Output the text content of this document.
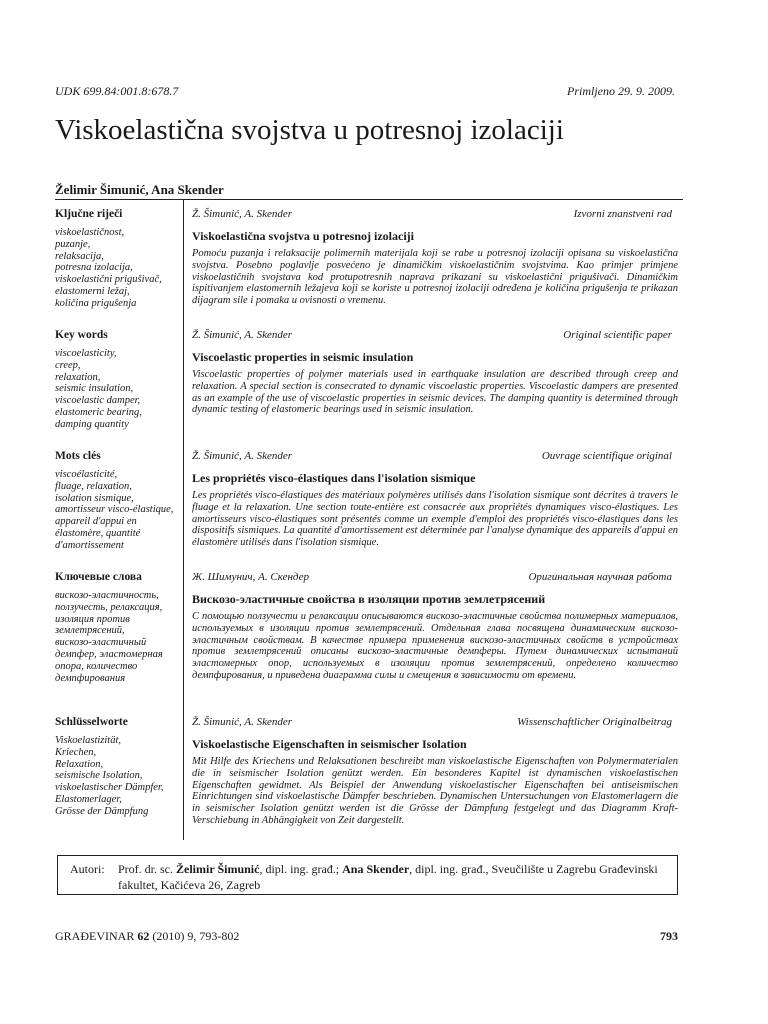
UDK 699.84:001.8:678.7	Primljeno 29. 9. 2009.
Viskoelastična svojstva u potresnoj izolaciji
Želimir Šimunić, Ana Skender
Ključne riječi
viskoelastičnost,
puzanje,
relaksacija,
potresna izolacija,
viskoelastični prigušivač,
elastomerni ležaj,
količina prigušenja
Key words
viscoelasticity,
creep,
relaxation,
seismic insulation,
viscoelastic damper,
elastomeric bearing,
damping quantity
Mots clés
viscoélasticité,
fluage, relaxation,
isolation sismique,
amortisseur visco-élastique,
appareil d'appui en
élastomère, quantité
d'amortissement
Ключевые слова
вискозо-эластичность,
ползучесть, релаксация,
изоляция против
землетрясений,
вискозо-эластичный
демпфер, эластомерная
опора, количество
демпфирования
Schlüsselworte
Viskoelastizität,
Kriechen,
Relaxation,
seismische Isolation,
viskoelastischer Dämpfer,
Elastomerlager,
Grösse der Dämpfung
Ž. Šimunić, A. Skender	Izvorni znanstveni rad
Viskoelastična svojstva u potresnoj izolaciji

Pomoću puzanja i relaksacije polimernih materijala koji se rabe u potresnoj izolaciji opisana su viskoelastična svojstva. Posebno poglavlje posvećeno je dinamičkim viskoelastičnim svojstvima. Kao primjer primjene viskoelastičnih svojstava kod protupotresnih naprava prikazani su viskoelastični prigušivači. Dinamičkim ispitivanjem elastomernih ležajeva koji se koriste u potresnoj izolaciji određena je količina prigušenja te prikazan dijagram sile i pomaka u ovisnosti o vremenu.

Ž. Šimunić, A. Skender	Original scientific paper
Viscoelastic properties in seismic insulation

Viscoelastic properties of polymer materials used in earthquake insulation are described through creep and relaxation. A special section is consecrated to dynamic viscoelastic properties. Viscoelastic dampers are presented as an example of the use of viscoelastic properties in seismic devices. The damping quantity is determined through dynamic testing of elastomeric bearings used in seismic insulation.

Ž. Šimunić, A. Skender	Ouvrage scientifique original
Les propriétés visco-élastiques dans l'isolation sismique

Les propriétés visco-élastiques des matériaux polymères utilisés dans l'isolation sismique sont décrites à travers le fluage et la relaxation. Une section toute-entière est consacrée aux propriétés dynamiques visco-élastiques. Les amortisseurs visco-élastiques sont présentés comme un exemple d'emploi des propriétés visco-élastiques dans les dispositifs sismiques. La quantité d'amortissement est déterminée par l'analyse dynamique des appareils d'appui en élastomère utilisés dans l'isolation sismique.

Ж. Шимунич, А. Скендер	Оригинальная научная работа
Вискозо-эластичные свойства в изоляции против землетрясений

С помощью ползучести и релаксации описываются вискозо-эластичные свойства полимерных материалов, используемых в изоляции против землетрясений. Отдельная глава посвящена динамическим вискозо-эластичным свойствам. В качестве примера применения вискозо-эластичных свойств в устройствах против землетрясений описаны вискозо-эластичные демпферы. Путем динамических испытаний эластомерных опор, используемых в изоляции против землетрясений, определено количество демпфирования, и приведена диаграмма силы и смещения в зависимости от времени.

Ž. Šimunić, A. Skender	Wissenschaftlicher Originalbeitrag
Viskoelastische Eigenschaften in seismischer Isolation

Mit Hilfe des Kriechens und Relaksationen beschreibt man viskoelastische Eigenschaften von Polymermaterialen die in seismischer Isolation genützt werden. Ein besonderes Kapitel ist dynamischen viskoelastischen Eigenschaften gewidmet. Als Beispiel der Anwendung viskoelastischer Eigenschaften bei antiseismischen Einrichtungen sind viskoelastische Dämpfer beschrieben. Dynamischen Untersuchungen von Elastomerlagern die in seismischer Isolation genützt werden ist die Grösse der Dämpfung festgelegt und das Diagramm Kraft- Verschiebung in Abhängigkeit von Zeit dargestellt.

Autori: Prof. dr. sc. Želimir Šimunić, dipl. ing. građ.; Ana Skender, dipl. ing. građ., Sveučilište u Zagrebu Građevinski fakultet, Kačićeva 26, Zagreb
GRAĐEVINAR 62 (2010) 9, 793-802	793
